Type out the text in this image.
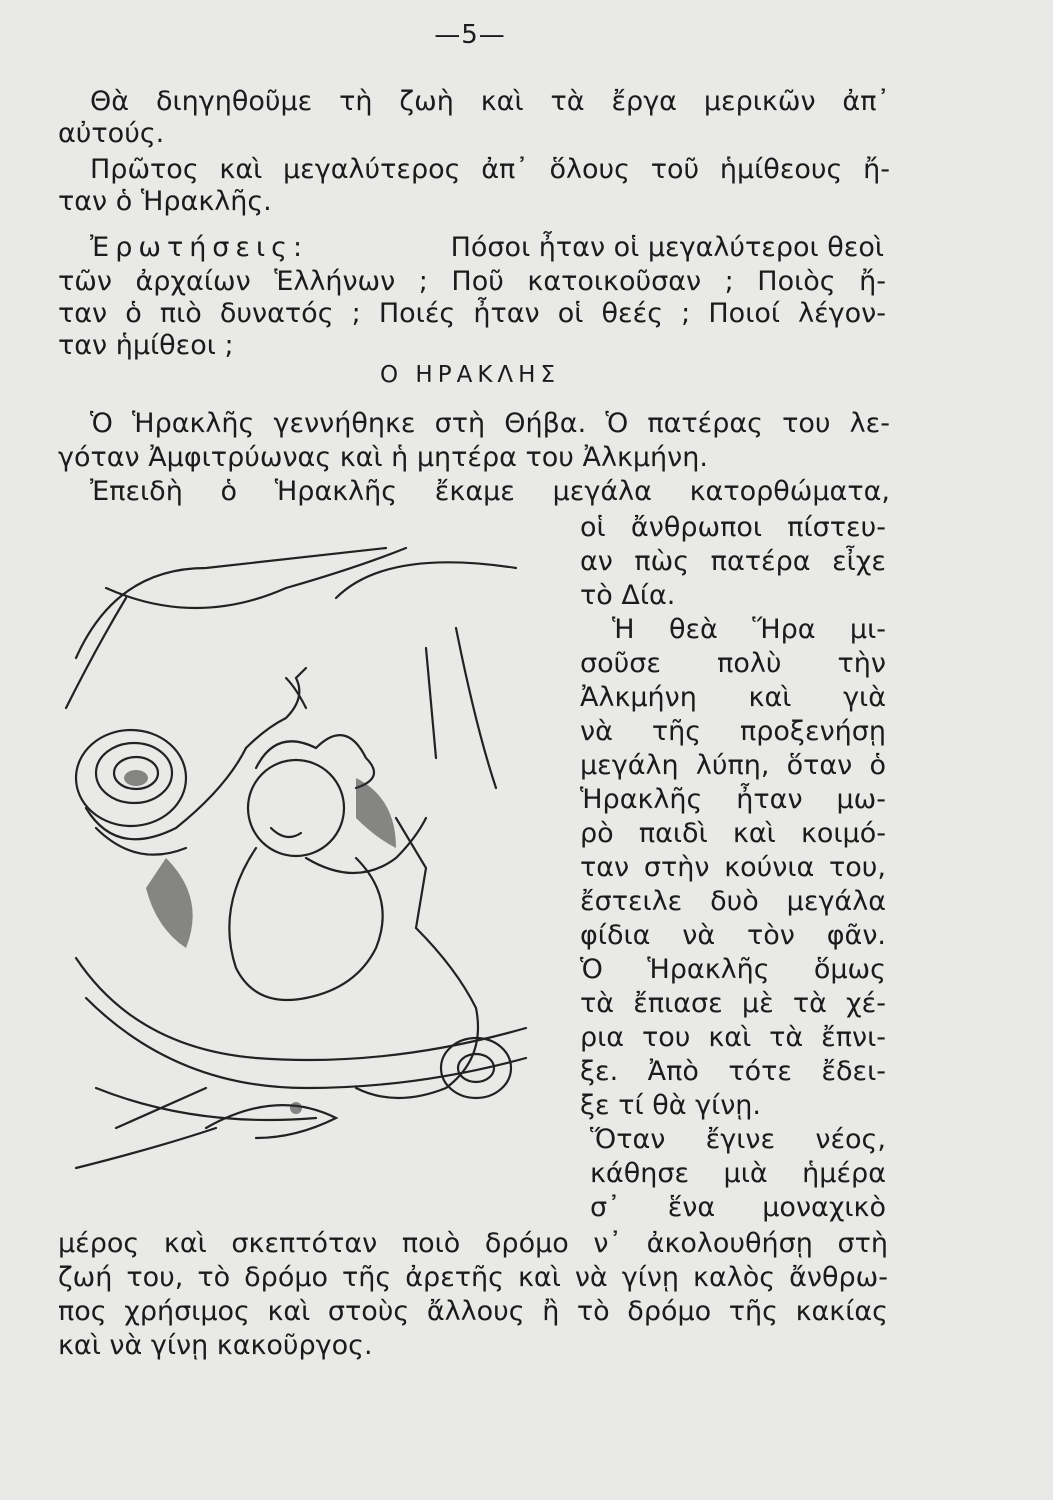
—5—
Θὰ διηγηθοῦμε τὴ ζωὴ καὶ τὰ ἔργα μερικῶν ἀπ᾽
αὐτούς.
Πρῶτος καὶ μεγαλύτερος ἀπ᾽ ὅλους τοῦ ἡμίθεους ἤ-
ταν ὁ Ἡρακλῆς.
Ἐρωτήσεις:	Πόσοι ἦταν οἱ μεγαλύτεροι θεοὶ
τῶν ἀρχαίων Ἑλλήνων ; Ποῦ κατοικοῦσαν ; Ποιὸς ἤ-
ταν ὁ πιὸ δυνατός ; Ποιές ἦταν οἱ θεές ; Ποιοί λέγον-
ταν ἡμίθεοι ;
Ο ΗΡΑΚΛΗΣ
Ὁ Ἡρακλῆς γεννήθηκε στὴ Θήβα. Ὁ πατέρας του λε-
γόταν Ἀμφιτρύωνας καὶ ἡ μητέρα του Ἀλκμήνη.
Ἐπειδὴ ὁ Ἡρακλῆς ἔκαμε μεγάλα κατορθώματα,
οἱ ἄνθρωποι πίστευ-
αν πὼς πατέρα εἶχε
τὸ Δία.
Ἡ θεὰ Ἥρα μι-
σοῦσε πολὺ τὴν
Ἀλκμήνη καὶ γιὰ
νὰ τῆς προξενήσῃ
μεγάλη λύπη, ὅταν ὁ
Ἡρακλῆς ἦταν μω-
ρὸ παιδὶ καὶ κοιμό-
ταν στὴν κούνια του,
ἔστειλε δυὸ μεγάλα
φίδια νὰ τὸν φᾶν.
Ὁ Ἡρακλῆς ὅμως
τὰ ἔπιασε μὲ τὰ χέ-
ρια του καὶ τὰ ἔπνι-
ξε. Ἀπὸ τότε ἔδει-
ξε τί θὰ γίνῃ.
Ὅταν ἔγινε νέος,
κάθησε μιὰ ἡμέρα
σ᾽ ἕνα μοναχικὸ
μέρος καὶ σκεπτόταν ποιὸ δρόμο ν᾽ ἀκολουθήσῃ στὴ
ζωή του, τὸ δρόμο τῆς ἀρετῆς καὶ νὰ γίνῃ καλὸς ἄνθρω-
πος χρήσιμος καὶ στοὺς ἄλλους ἢ τὸ δρόμο τῆς κακίας
καὶ νὰ γίνῃ κακοῦργος.
